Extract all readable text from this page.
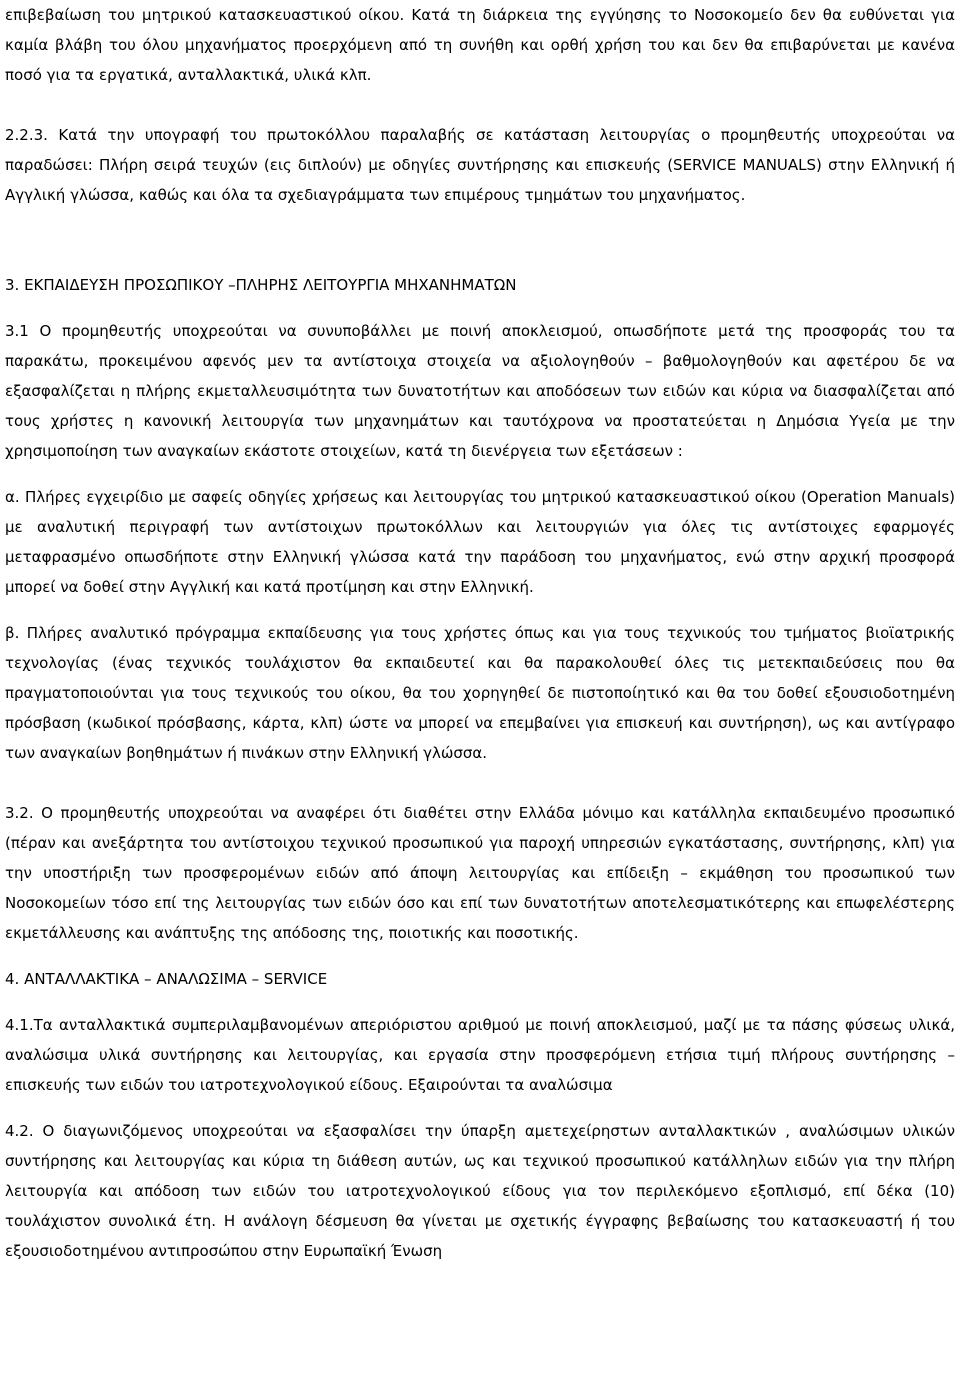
επιβεβαίωση του μητρικού κατασκευαστικού οίκου. Κατά τη διάρκεια της εγγύησης το Νοσοκομείο δεν θα ευθύνεται για καμία βλάβη του όλου μηχανήματος προερχόμενη από τη συνήθη και ορθή χρήση του και δεν θα επιβαρύνεται με κανένα ποσό για τα εργατικά, ανταλλακτικά, υλικά κλπ.

2.2.3. Κατά την υπογραφή του πρωτοκόλλου παραλαβής σε κατάσταση λειτουργίας ο προμηθευτής υποχρεούται να παραδώσει: Πλήρη σειρά τευχών (εις διπλούν) με οδηγίες συντήρησης και επισκευής (SERVICE MANUALS) στην Ελληνική ή Αγγλική γλώσσα, καθώς και όλα τα σχεδιαγράμματα των επιμέρους τμημάτων του μηχανήματος.

3. ΕΚΠΑΙΔΕΥΣΗ ΠΡΟΣΩΠΙΚΟΥ –ΠΛΗΡΗΣ ΛΕΙΤΟΥΡΓΙΑ ΜΗΧΑΝΗΜΑΤΩΝ

3.1 Ο προμηθευτής υποχρεούται να συνυποβάλλει με ποινή αποκλεισμού, οπωσδήποτε μετά της προσφοράς του τα παρακάτω, προκειμένου αφενός μεν τα αντίστοιχα στοιχεία να αξιολογηθούν – βαθμολογηθούν και αφετέρου δε να εξασφαλίζεται η πλήρης εκμεταλλευσιμότητα των δυνατοτήτων και αποδόσεων των ειδών και κύρια να διασφαλίζεται από τους χρήστες η κανονική λειτουργία των μηχανημάτων και ταυτόχρονα να προστατεύεται η Δημόσια Υγεία με την χρησιμοποίηση των αναγκαίων εκάστοτε στοιχείων, κατά τη διενέργεια των εξετάσεων :

α. Πλήρες εγχειρίδιο με σαφείς οδηγίες χρήσεως και λειτουργίας του μητρικού κατασκευαστικού οίκου (Operation Manuals) με αναλυτική περιγραφή των αντίστοιχων πρωτοκόλλων και λειτουργιών για όλες τις αντίστοιχες εφαρμογές μεταφρασμένο οπωσδήποτε στην Ελληνική γλώσσα κατά την παράδοση του μηχανήματος, ενώ στην αρχική προσφορά μπορεί να δοθεί στην Αγγλική και κατά προτίμηση και στην Ελληνική.

β. Πλήρες αναλυτικό πρόγραμμα εκπαίδευσης για τους χρήστες όπως και για τους τεχνικούς του τμήματος βιοϊατρικής τεχνολογίας (ένας τεχνικός τουλάχιστον θα εκπαιδευτεί και θα παρακολουθεί όλες τις μετεκπαιδεύσεις που θα πραγματοποιούνται για τους τεχνικούς του οίκου, θα του χορηγηθεί δε πιστοποίητικό και θα του δοθεί εξουσιοδοτημένη πρόσβαση (κωδικοί πρόσβασης, κάρτα, κλπ) ώστε να μπορεί να επεμβαίνει για επισκευή και συντήρηση), ως και αντίγραφο των αναγκαίων βοηθημάτων ή πινάκων στην Ελληνική γλώσσα.

3.2. Ο προμηθευτής υποχρεούται να αναφέρει ότι διαθέτει στην Ελλάδα μόνιμο και κατάλληλα εκπαιδευμένο προσωπικό (πέραν και ανεξάρτητα του αντίστοιχου τεχνικού προσωπικού για παροχή υπηρεσιών εγκατάστασης, συντήρησης, κλπ) για την υποστήριξη των προσφερομένων ειδών από άποψη λειτουργίας και επίδειξη – εκμάθηση του προσωπικού των Νοσοκομείων τόσο επί της λειτουργίας των ειδών όσο και επί των δυνατοτήτων αποτελεσματικότερης και επωφελέστερης εκμετάλλευσης και ανάπτυξης της απόδοσης της, ποιοτικής και ποσοτικής.

4. ΑΝΤΑΛΛΑΚΤΙΚΑ – ΑΝΑΛΩΣΙΜΑ – SERVICE

4.1.Τα ανταλλακτικά συμπεριλαμβανομένων απεριόριστου αριθμού με ποινή αποκλεισμού, μαζί με τα πάσης φύσεως υλικά, αναλώσιμα υλικά συντήρησης και λειτουργίας, και εργασία στην προσφερόμενη ετήσια τιμή πλήρους συντήρησης – επισκευής των ειδών του ιατροτεχνολογικού είδους. Εξαιρούνται τα αναλώσιμα

4.2. Ο διαγωνιζόμενος υποχρεούται να εξασφαλίσει την ύπαρξη αμετεχείρηστων ανταλλακτικών , αναλώσιμων υλικών συντήρησης και λειτουργίας και κύρια τη διάθεση αυτών, ως και τεχνικού προσωπικού κατάλληλων ειδών για την πλήρη λειτουργία και απόδοση των ειδών του ιατροτεχνολογικού είδους για τον περιλεκόμενο εξοπλισμό, επί δέκα (10) τουλάχιστον συνολικά έτη. Η ανάλογη δέσμευση θα γίνεται με σχετικής έγγραφης βεβαίωσης του κατασκευαστή ή του εξουσιοδοτημένου αντιπροσώπου στην Ευρωπαϊκή Ένωση
